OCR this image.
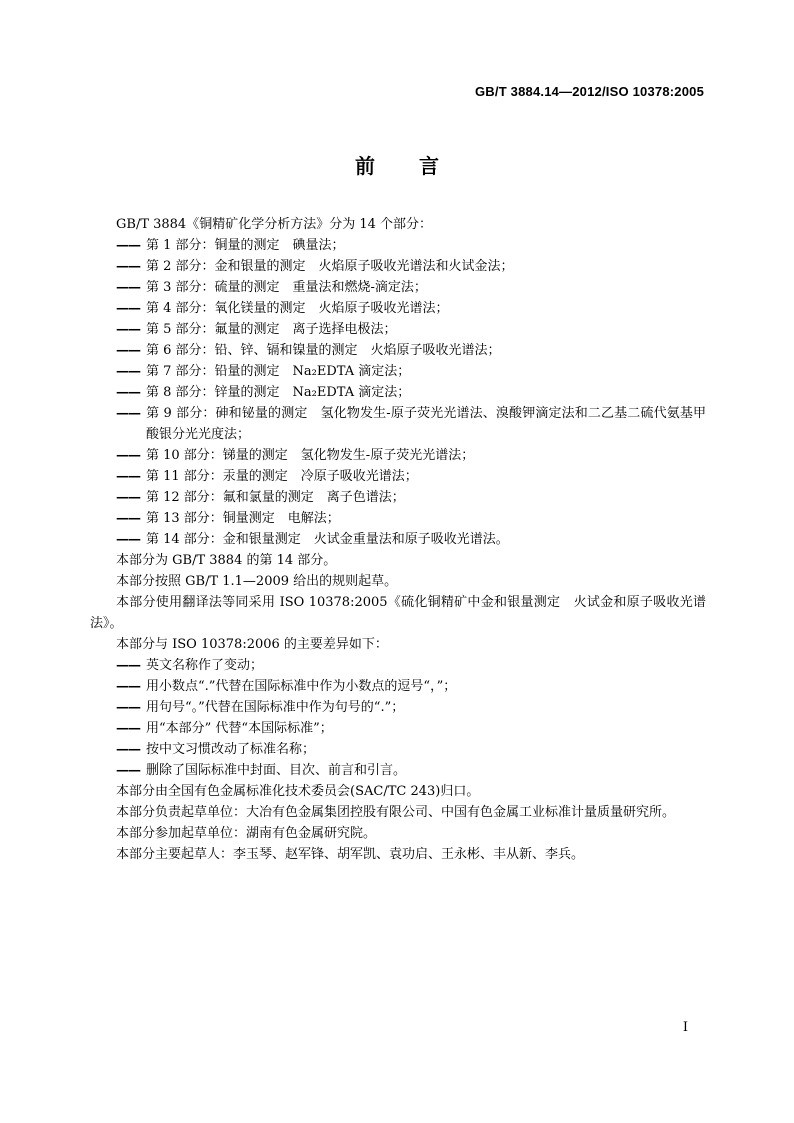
GB/T 3884.14—2012/ISO 10378:2005
前言

GB/T 3884《铜精矿化学分析方法》分为 14 个部分：

—— 第 1 部分：铜量的测定　碘量法；

—— 第 2 部分：金和银量的测定　火焰原子吸收光谱法和火试金法；

—— 第 3 部分：硫量的测定　重量法和燃烧-滴定法；

—— 第 4 部分：氧化镁量的测定　火焰原子吸收光谱法；

—— 第 5 部分：氟量的测定　离子选择电极法；

—— 第 6 部分：铅、锌、镉和镍量的测定　火焰原子吸收光谱法；

—— 第 7 部分：铅量的测定　Na₂EDTA 滴定法；

—— 第 8 部分：锌量的测定　Na₂EDTA 滴定法；

—— 第 9 部分：砷和铋量的测定　氢化物发生-原子荧光光谱法、溴酸钾滴定法和二乙基二硫代氨基甲酸银分光光度法；

—— 第 10 部分：锑量的测定　氢化物发生-原子荧光光谱法；

—— 第 11 部分：汞量的测定　冷原子吸收光谱法；

—— 第 12 部分：氟和氯量的测定　离子色谱法；

—— 第 13 部分：铜量测定　电解法；

—— 第 14 部分：金和银量测定　火试金重量法和原子吸收光谱法。

本部分为 GB/T 3884 的第 14 部分。

本部分按照 GB/T 1.1—2009 给出的规则起草。

本部分使用翻译法等同采用 ISO 10378:2005《硫化铜精矿中金和银量测定　火试金和原子吸收光谱法》。

本部分与 ISO 10378:2006 的主要差异如下：

—— 英文名称作了变动；

—— 用小数点“.”代替在国际标准中作为小数点的逗号“，”；

—— 用句号“。”代替在国际标准中作为句号的“.”；

—— 用“本部分” 代替“本国际标准”；

—— 按中文习惯改动了标准名称；

—— 删除了国际标准中封面、目次、前言和引言。

本部分由全国有色金属标准化技术委员会(SAC/TC 243)归口。

本部分负责起草单位：大冶有色金属集团控股有限公司、中国有色金属工业标准计量质量研究所。

本部分参加起草单位：湖南有色金属研究院。

本部分主要起草人：李玉琴、赵军锋、胡军凯、袁功启、王永彬、丰从新、李兵。

I
